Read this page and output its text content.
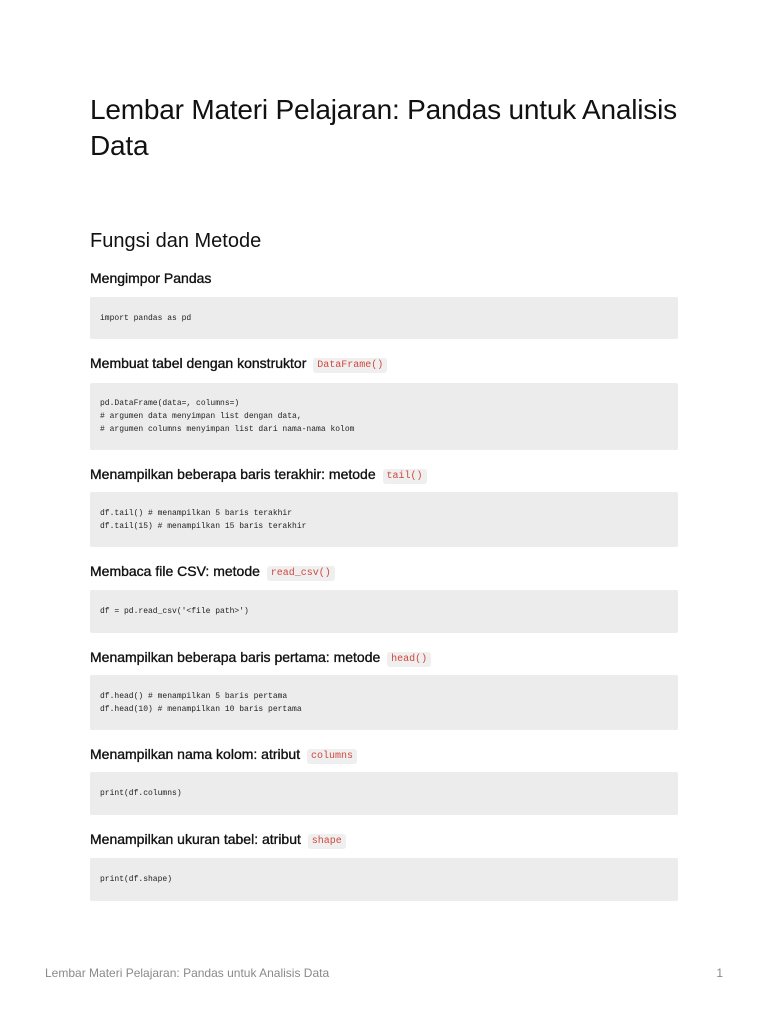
Lembar Materi Pelajaran: Pandas untuk Analisis Data
Fungsi dan Metode
Mengimpor Pandas
import pandas as pd
Membuat tabel dengan konstruktor DataFrame()
pd.DataFrame(data=, columns=)
# argumen data menyimpan list dengan data,
# argumen columns menyimpan list dari nama-nama kolom
Menampilkan beberapa baris terakhir: metode tail()
df.tail() # menampilkan 5 baris terakhir
df.tail(15) # menampilkan 15 baris terakhir
Membaca file CSV: metode read_csv()
df = pd.read_csv('<file path>')
Menampilkan beberapa baris pertama: metode head()
df.head() # menampilkan 5 baris pertama
df.head(10) # menampilkan 10 baris pertama
Menampilkan nama kolom: atribut columns
print(df.columns)
Menampilkan ukuran tabel: atribut shape
print(df.shape)
Lembar Materi Pelajaran: Pandas untuk Analisis Data	1
